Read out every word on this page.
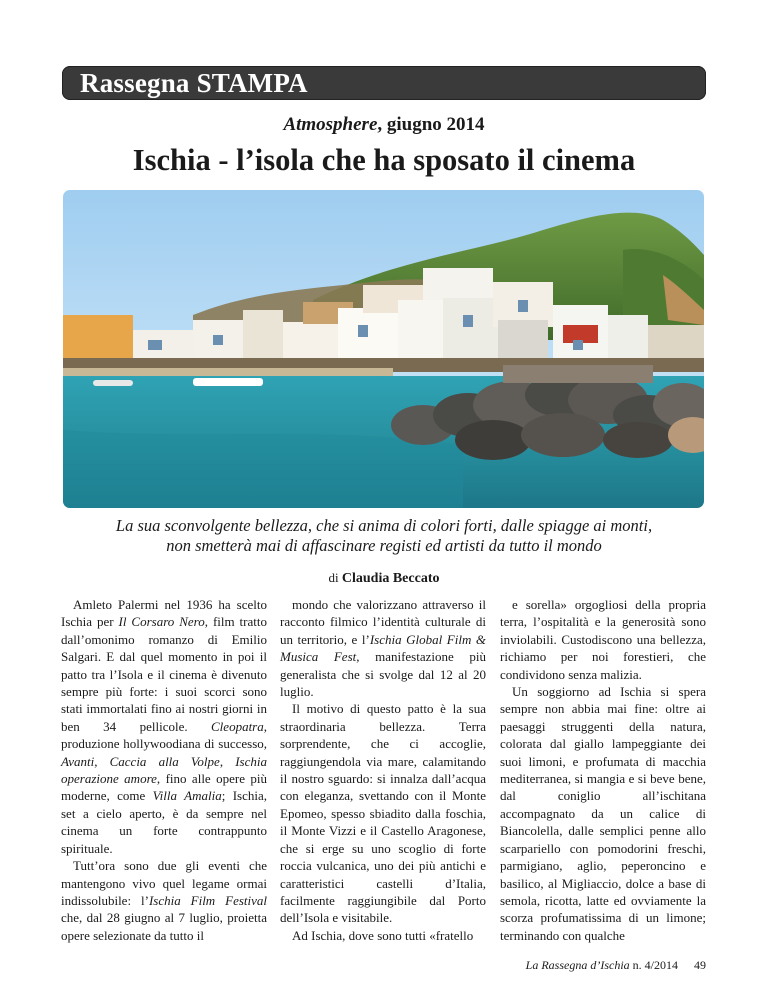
Rassegna STAMPA
Atmosphere, giugno 2014
Ischia - l’isola che ha sposato il cinema
La sua sconvolgente bellezza, che si anima di colori forti, dalle spiagge ai monti,
non smetterà mai di affascinare registi ed artisti da tutto il mondo
di Claudia Beccato

Amleto Palermi nel 1936 ha scelto Ischia per Il Corsaro Nero, film tratto dall’omonimo romanzo di Emilio Salgari. E dal quel momento in poi il patto tra l’Isola e il cinema è divenuto sempre più forte: i suoi scorci sono stati immortalati fino ai nostri giorni in ben 34 pellicole. Cleopatra, produzione hollywoodiana di successo, Avanti, Caccia alla Volpe, Ischia operazione amore, fino alle opere più moderne, come Villa Amalia; Ischia, set a cielo aperto, è da sempre nel cinema un forte contrappunto spirituale.

Tutt’ora sono due gli eventi che mantengono vivo quel legame ormai indissolubile: l’Ischia Film Festival che, dal 28 giugno al 7 luglio, proietta opere selezionate da tutto il

mondo che valorizzano attraverso il racconto filmico l’identità culturale di un territorio, e l’Ischia Global Film & Musica Fest, manifestazione più generalista che si svolge dal 12 al 20 luglio.

Il motivo di questo patto è la sua straordinaria bellezza. Terra sorprendente, che ci accoglie, raggiungendola via mare, calamitando il nostro sguardo: si innalza dall’acqua con eleganza, svettando con il Monte Epomeo, spesso sbiadito dalla foschia, il Monte Vizzi e il Castello Aragonese, che si erge su uno scoglio di forte roccia vulcanica, uno dei più antichi e caratteristici castelli d’Italia, facilmente raggiungibile dal Porto dell’Isola e visitabile.

Ad Ischia, dove sono tutti «fratello

e sorella» orgogliosi della propria terra, l’ospitalità e la generosità sono inviolabili. Custodiscono una bellezza, richiamo per noi forestieri, che condividono senza malizia.

Un soggiorno ad Ischia si spera sempre non abbia mai fine: oltre ai paesaggi struggenti della natura, colorata dal giallo lampeggiante dei suoi limoni, e profumata di macchia mediterranea, si mangia e si beve bene, dal coniglio all’ischitana accompagnato da un calice di Biancolella, dalle semplici penne allo scarpariello con pomodorini freschi, parmigiano, aglio, peperoncino e basilico, al Migliaccio, dolce a base di semola, ricotta, latte ed ovviamente la scorza profumatissima di un limone; terminando con qualche

La Rassegna d’Ischia n. 4/2014 49
